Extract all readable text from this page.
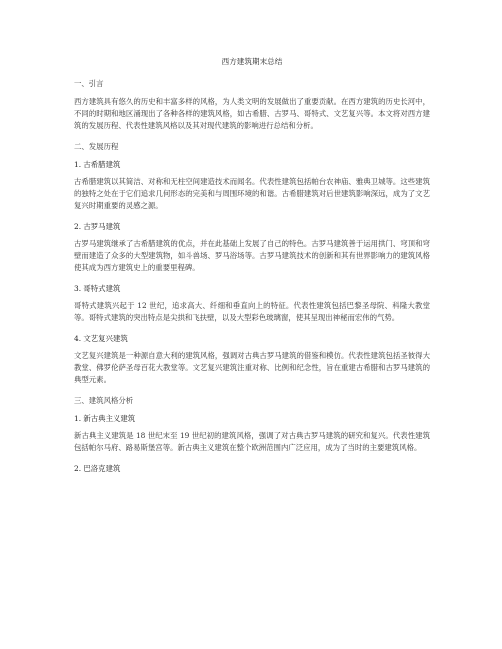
西方建筑期末总结
一、引言
西方建筑具有悠久的历史和丰富多样的风格，为人类文明的发展做出了重要贡献。在西方建筑的历史长河中，不同的时期和地区涌现出了各种各样的建筑风格，如古希腊、古罗马、哥特式、文艺复兴等。本文将对西方建筑的发展历程、代表性建筑风格以及其对现代建筑的影响进行总结和分析。
二、发展历程
1. 古希腊建筑
古希腊建筑以其简洁、对称和无柱空间建造技术而闻名。代表性建筑包括帕台农神庙、雅典卫城等。这些建筑的独特之处在于它们追求几何形态的完美和与周围环境的和谐。古希腊建筑对后世建筑影响深远，成为了文艺复兴时期重要的灵感之源。
2. 古罗马建筑
古罗马建筑继承了古希腊建筑的优点，并在此基础上发展了自己的特色。古罗马建筑善于运用拱门、穹顶和穹壁而建造了众多的大型建筑物，如斗兽场、罗马浴场等。古罗马建筑技术的创新和其有世界影响力的建筑风格使其成为西方建筑史上的重要里程碑。
3. 哥特式建筑
哥特式建筑兴起于 12 世纪，追求高大、纤细和垂直向上的特征。代表性建筑包括巴黎圣母院、科隆大教堂等。哥特式建筑的突出特点是尖拱和飞扶壁，以及大型彩色玻璃窗，使其呈现出神秘而宏伟的气势。
4. 文艺复兴建筑
文艺复兴建筑是一种源自意大利的建筑风格，强调对古典古罗马建筑的借鉴和模仿。代表性建筑包括圣彼得大教堂、佛罗伦萨圣母百花大教堂等。文艺复兴建筑注重对称、比例和纪念性，旨在重建古希腊和古罗马建筑的典型元素。
三、建筑风格分析
1. 新古典主义建筑
新古典主义建筑是 18 世纪末至 19 世纪初的建筑风格，强调了对古典古罗马建筑的研究和复兴。代表性建筑包括帕尔马府、路易斯堡宫等。新古典主义建筑在整个欧洲范围内广泛应用，成为了当时的主要建筑风格。
2. 巴洛克建筑
